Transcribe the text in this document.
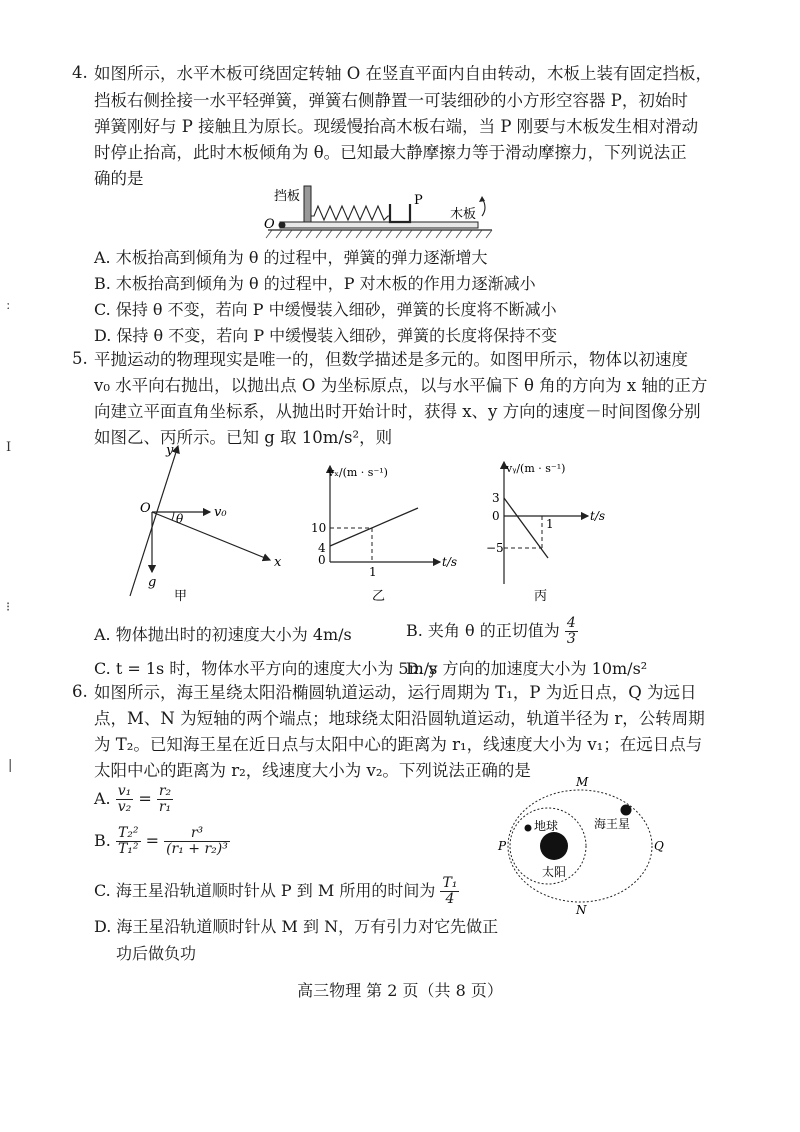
ː
I
⁝
|
4. 如图所示，水平木板可绕固定转轴 O 在竖直平面内自由转动，木板上装有固定挡板，
挡板右侧拴接一水平轻弹簧，弹簧右侧静置一可装细砂的小方形空容器 P，初始时
弹簧刚好与 P 接触且为原长。现缓慢抬高木板右端，当 P 刚要与木板发生相对滑动
时停止抬高，此时木板倾角为 θ。已知最大静摩擦力等于滑动摩擦力，下列说法正
确的是
挡板
O
P
木板
A. 木板抬高到倾角为 θ 的过程中，弹簧的弹力逐渐增大
B. 木板抬高到倾角为 θ 的过程中，P 对木板的作用力逐渐减小
C. 保持 θ 不变，若向 P 中缓慢装入细砂，弹簧的长度将不断减小
D. 保持 θ 不变，若向 P 中缓慢装入细砂，弹簧的长度将保持不变
5. 平抛运动的物理现实是唯一的，但数学描述是多元的。如图甲所示，物体以初速度
v₀ 水平向右抛出，以抛出点 O 为坐标原点，以与水平偏下 θ 角的方向为 x 轴的正方
向建立平面直角坐标系，从抛出时开始计时，获得 x、y 方向的速度－时间图像分别
如图乙、丙所示。已知 g 取 10m/s²，则
y
O	v₀
θ
x
g
甲
vₓ/(m · s⁻¹)
t/s
10
4
0
1
乙
vᵧ/(m · s⁻¹)
t/s
3
0
−5
1
丙
A. 物体抛出时的初速度大小为 4m/s	B. 夹角 θ 的正切值为 $\frac{4}{3}$
C. t = 1s 时，物体水平方向的速度大小为 5m/s
D. y 方向的加速度大小为 10m/s²
6. 如图所示，海王星绕太阳沿椭圆轨道运动，运行周期为 T₁，P 为近日点，Q 为远日
点，M、N 为短轴的两个端点；地球绕太阳沿圆轨道运动，轨道半径为 r，公转周期
为 T₂。已知海王星在近日点与太阳中心的距离为 r₁，线速度大小为 v₁；在远日点与
太阳中心的距离为 r₂，线速度大小为 v₂。下列说法正确的是
A. $\frac{\text{v₁}}{\text{v₂}} = \frac{\text{r₂}}{\text{r₁}}$
B. $\frac{\text{T₂²}}{\text{T₁²}} = \frac{\text{r³}}{\text{(r₁ + r₂)³}}$
C. 海王星沿轨道顺时针从 P 到 M 所用的时间为 $\frac{\text{T₁}}{4}$
D. 海王星沿轨道顺时针从 M 到 N，万有引力对它先做正
功后做负功
M
N
P	Q
地球	海王星
太阳
高三物理 第 2 页（共 8 页）
